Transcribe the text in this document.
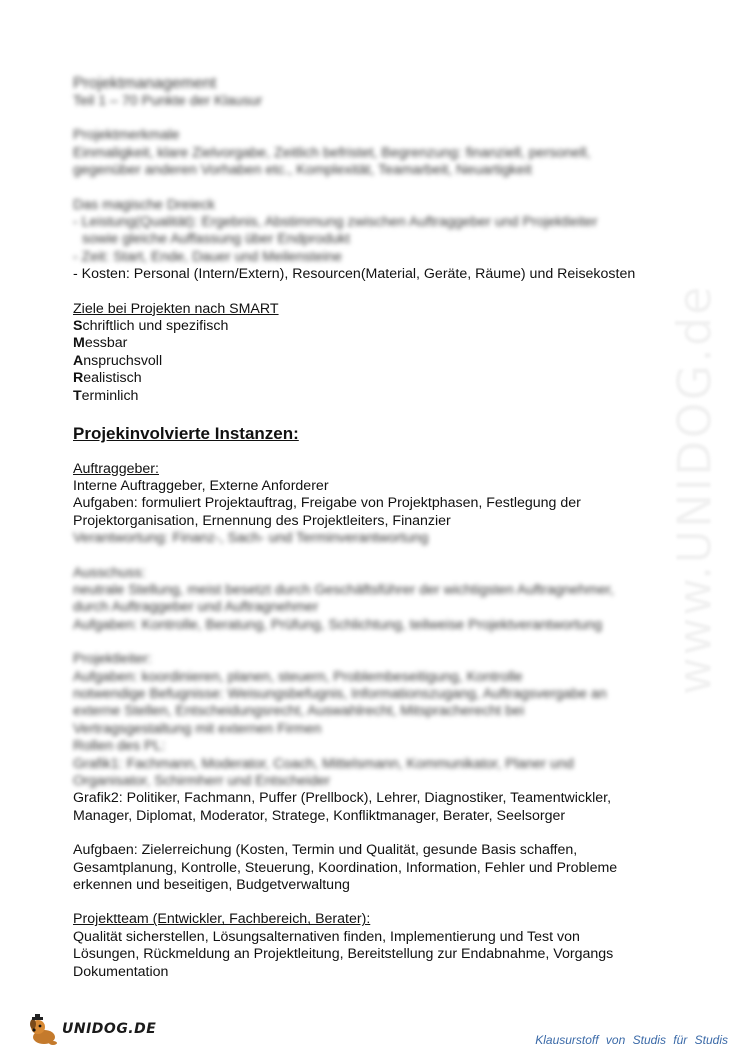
www.UNIDOG.de
Projektmanagement
Teil 1 – 70 Punkte der Klausur
Projektmerkmale
Einmaligkeit, klare Zielvorgabe, Zeitlich befristet, Begrenzung: finanziell, personell,
gegenüber anderen Vorhaben etc., Komplexität, Teamarbeit, Neuartigkeit
Das magische Dreieck
- Leistung(Qualität): Ergebnis, Abstimmung zwischen Auftraggeber und Projektleiter
sowie gleiche Auffassung über Endprodukt
- Zeit: Start, Ende, Dauer und Meilensteine
- Kosten: Personal (Intern/Extern), Resourcen(Material, Geräte, Räume) und Reisekosten
Ziele bei Projekten nach SMART
Schriftlich und spezifisch
Messbar
Anspruchsvoll
Realistisch
Terminlich
Projekinvolvierte Instanzen:
Auftraggeber:
Interne Auftraggeber, Externe Anforderer
Aufgaben: formuliert Projektauftrag, Freigabe von Projektphasen, Festlegung der
Projektorganisation, Ernennung des Projektleiters, Finanzier
Verantwortung: Finanz-, Sach- und Terminverantwortung
Ausschuss:
neutrale Stellung, meist besetzt durch Geschäftsführer der wichtigsten Auftragnehmer,
durch Auftraggeber und Auftragnehmer
Aufgaben: Kontrolle, Beratung, Prüfung, Schlichtung, teilweise Projektverantwortung
Projektleiter:
Aufgaben: koordinieren, planen, steuern, Problembeseitigung, Kontrolle
notwendige Befugnisse: Weisungsbefugnis, Informationszugang, Auftragsvergabe an
externe Stellen, Entscheidungsrecht, Auswahlrecht, Mitspracherecht bei
Vertragsgestaltung mit externen Firmen
Rollen des PL:
Grafik1: Fachmann, Moderator, Coach, Mittelsmann, Kommunikator, Planer und
Organisator, Schirmherr und Entscheider
Grafik2: Politiker, Fachmann, Puffer (Prellbock), Lehrer, Diagnostiker, Teamentwickler,
Manager, Diplomat, Moderator, Stratege, Konfliktmanager, Berater, Seelsorger
Aufgbaen: Zielerreichung (Kosten, Termin und Qualität, gesunde Basis schaffen,
Gesamtplanung, Kontrolle, Steuerung, Koordination, Information, Fehler und Probleme
erkennen und beseitigen, Budgetverwaltung
Projektteam (Entwickler, Fachbereich, Berater):
Qualität sicherstellen, Lösungsalternativen finden, Implementierung und Test von
Lösungen, Rückmeldung an Projektleitung, Bereitstellung zur Endabnahme, Vorgangs
Dokumentation
UNIDOG.DE
Klausurstoff von Studis für Studis
